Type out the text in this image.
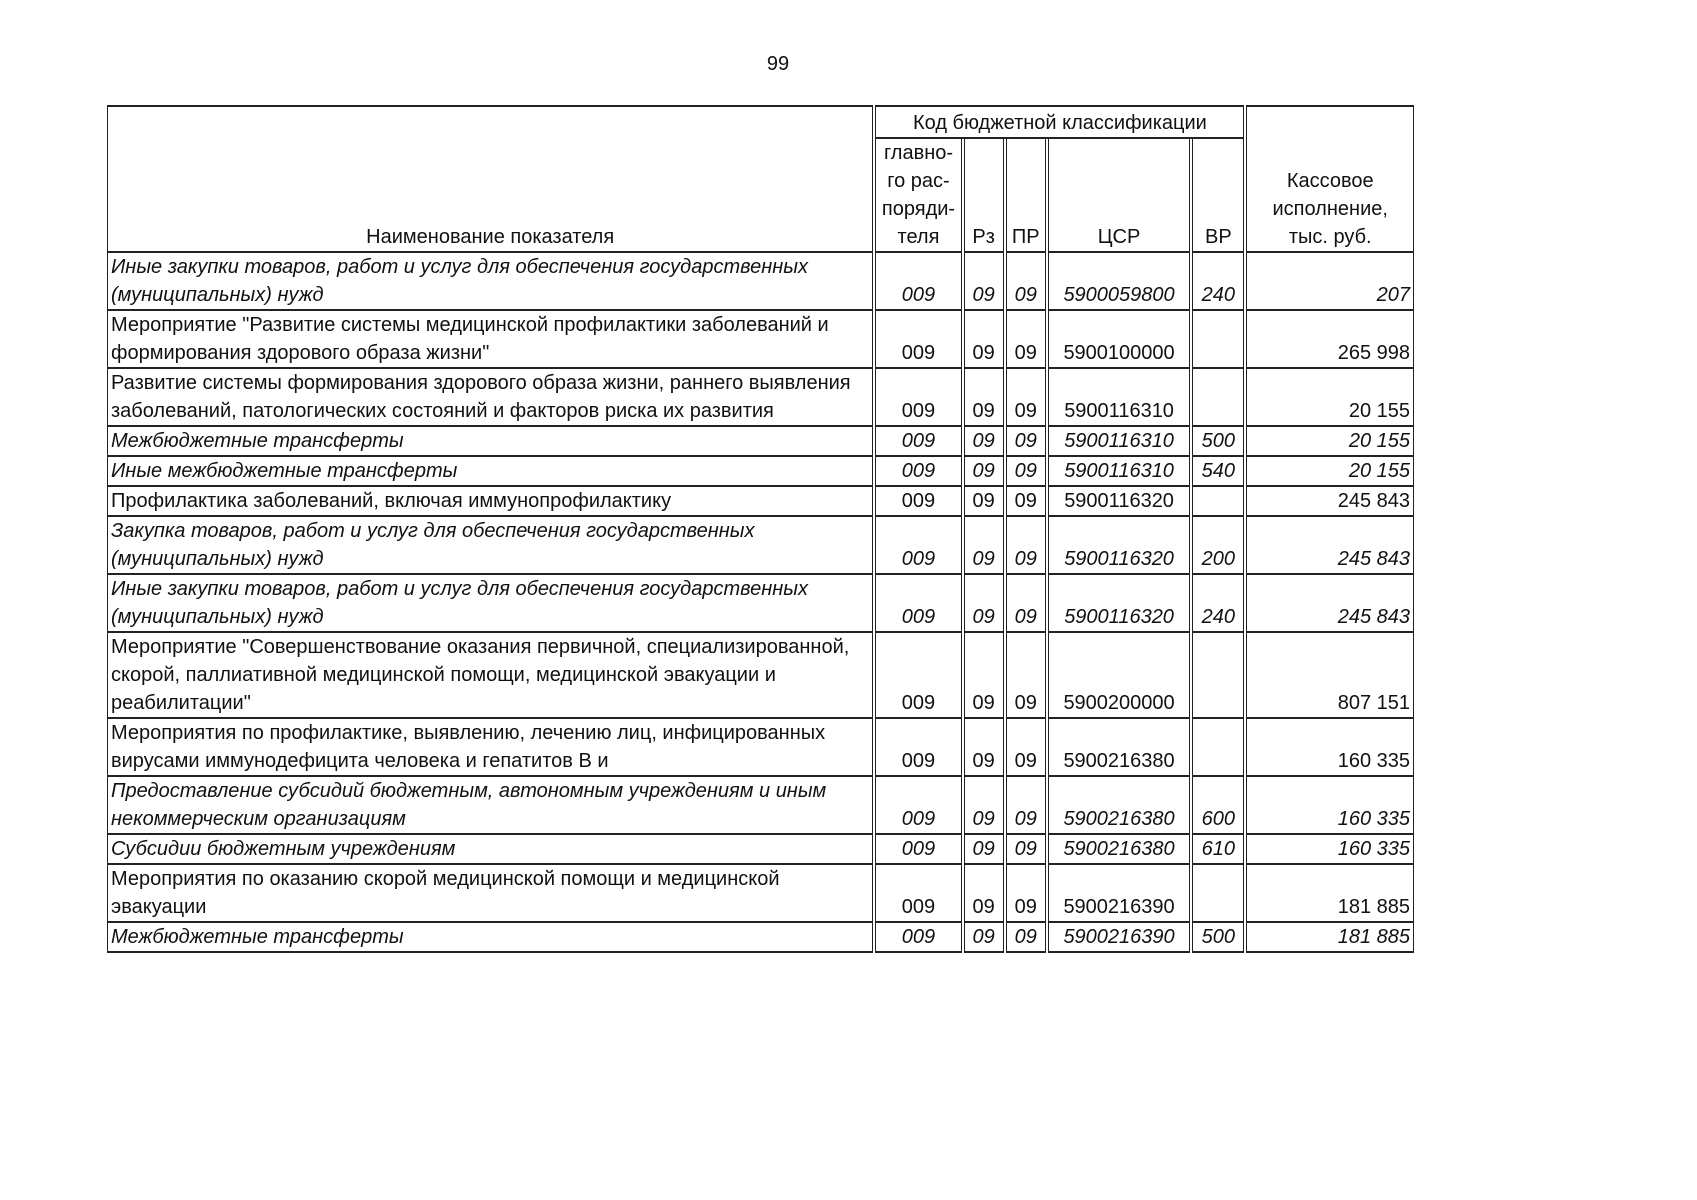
99
Наименование показателя	Код бюджетной классификации					Кассовое
исполнение,
тыс. руб.

	главно-
го рас-
поряди-
теля	Рз	ПР	ЦСР	ВР	
Иные закупки товаров, работ и услуг для обеспечения государственных (муниципальных) нужд	009	09	09	5900059800	240	207
Мероприятие "Развитие системы медицинской профилактики заболеваний и формирования здорового образа жизни"	009	09	09	5900100000		265 998
Развитие системы формирования здорового образа жизни, раннего выявления заболеваний, патологических состояний и факторов риска их развития	009	09	09	5900116310		20 155
Межбюджетные трансферты	009	09	09	5900116310	500	20 155
Иные межбюджетные трансферты	009	09	09	5900116310	540	20 155
Профилактика заболеваний, включая иммунопрофилактику	009	09	09	5900116320		245 843
Закупка товаров, работ и услуг для обеспечения государственных (муниципальных) нужд	009	09	09	5900116320	200	245 843
Иные закупки товаров, работ и услуг для обеспечения государственных (муниципальных) нужд	009	09	09	5900116320	240	245 843
Мероприятие "Совершенствование оказания первичной, специализированной, скорой, паллиативной медицинской помощи, медицинской эвакуации и реабилитации"	009	09	09	5900200000		807 151
Мероприятия по профилактике, выявлению, лечению лиц, инфицированных вирусами иммунодефицита человека и гепатитов B и	009	09	09	5900216380		160 335
Предоставление субсидий бюджетным, автономным учреждениям и иным некоммерческим организациям	009	09	09	5900216380	600	160 335
Субсидии бюджетным учреждениям	009	09	09	5900216380	610	160 335
Мероприятия по оказанию скорой медицинской помощи и медицинской эвакуации	009	09	09	5900216390		181 885
Межбюджетные трансферты	009	09	09	5900216390	500	181 885
